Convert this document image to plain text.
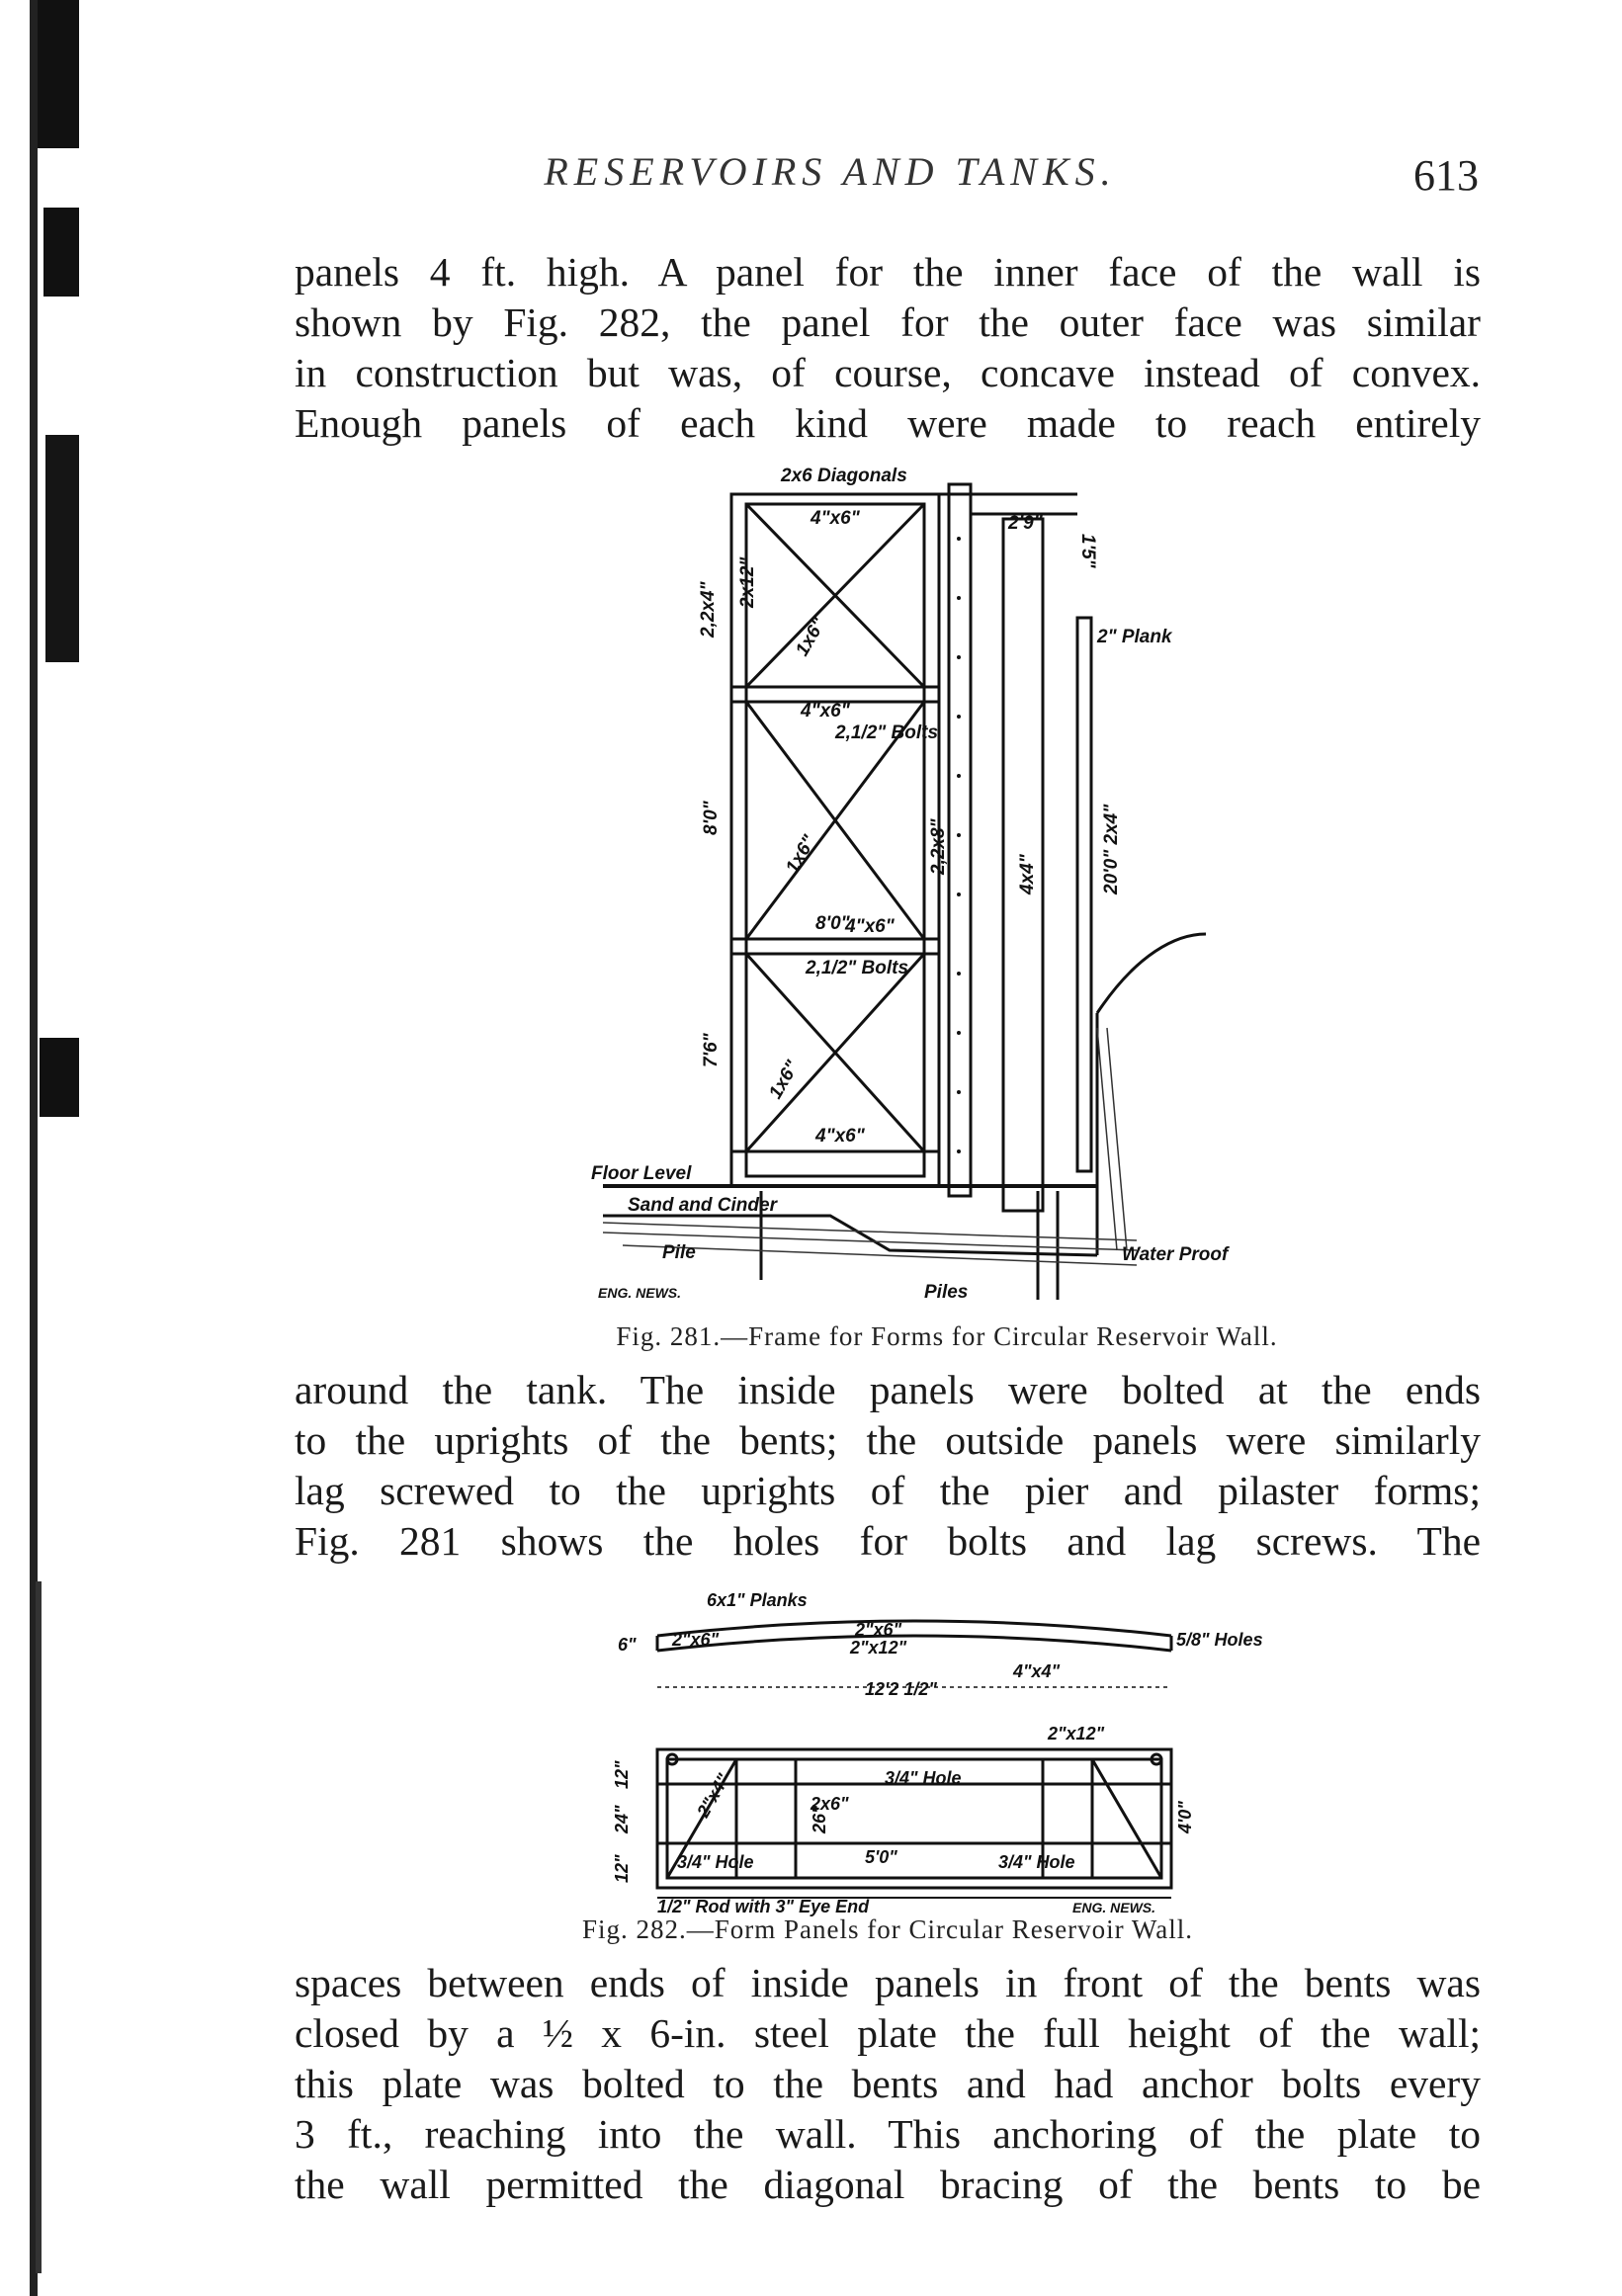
RESERVOIRS AND TANKS.	613
panels 4 ft. high. A panel for the inner face of the wall is
shown by Fig. 282, the panel for the outer face was similar
in construction but was, of course, concave instead of convex.
Enough panels of each kind were made to reach entirely
2x6 Diagonals
4"x6"	2'9"
1'5"
2,2x4" 2x12"
1x6"	2" Plank
4"x6"
2,1/2" Bolts
8'0"
1x6"	2,2x8"	4x4"	20'0" 2x4"
8'0"
4"x6"
2,1/2" Bolts
7'6"
1x6"
4"x6"
Floor Level
Sand and Cinder
Pile
Piles
Water Proof
ENG. NEWS.
Fig. 281.—Frame for Forms for Circular Reservoir Wall.
around the tank. The inside panels were bolted at the ends
to the uprights of the bents; the outside panels were similarly
lag screwed to the uprights of the pier and pilaster forms;
Fig. 281 shows the holes for bolts and lag screws. The
6x1" Planks
2"x6"	2"x6"
2"x12"	5/8" Holes
6"
4"x4"
12'2 1/2"
2"x12"
12"
24"
12"
2"x4"	3/4" Hole
2x6"
26"	4'0"
3/4" Hole	5'0"	3/4" Hole
1/2" Rod with 3" Eye End	ENG. NEWS.
Fig. 282.—Form Panels for Circular Reservoir Wall.
spaces between ends of inside panels in front of the bents was
closed by a ½ x 6-in. steel plate the full height of the wall;
this plate was bolted to the bents and had anchor bolts every
3 ft., reaching into the wall. This anchoring of the plate to
the wall permitted the diagonal bracing of the bents to be
